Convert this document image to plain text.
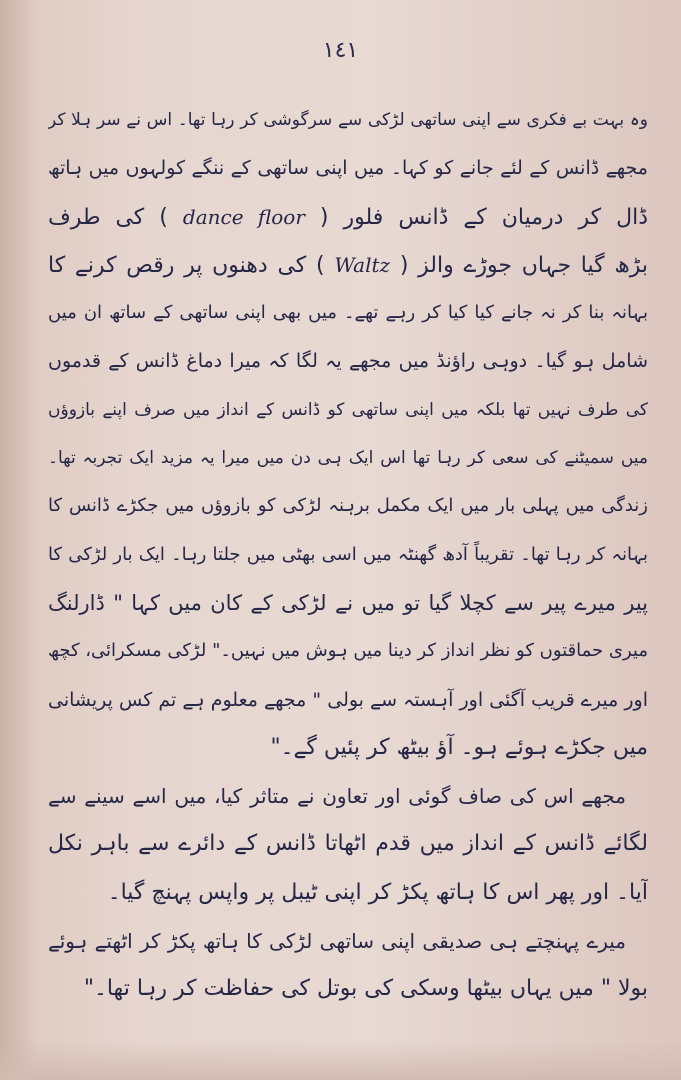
١٤١
وہ بہت بے فکری سے اپنی ساتھی لڑکی سے سرگوشی کر رہا تھا۔ اس نے سر ہلا کر
مجھے ڈانس کے لئے جانے کو کہا۔ میں اپنی ساتھی کے ننگے کولہوں میں ہاتھ
ڈال کر درمیان کے ڈانس فلور ( dance floor ) کی طرف
بڑھ گیا جہاں جوڑے والز ( Waltz ) کی دھنوں پر رقص کرنے کا
بہانہ بنا کر نہ جانے کیا کیا کر رہے تھے۔ میں بھی اپنی ساتھی کے ساتھ ان میں
شامل ہو گیا۔ دوہی راؤنڈ میں مجھے یہ لگا کہ میرا دماغ ڈانس کے قدموں
کی طرف نہیں تھا بلکہ میں اپنی ساتھی کو ڈانس کے انداز میں صرف اپنے بازوؤں
میں سمیٹنے کی سعی کر رہا تھا اس ایک ہی دن میں میرا یہ مزید ایک تجربہ تھا۔
زندگی میں پہلی بار میں ایک مکمل برہنہ لڑکی کو بازوؤں میں جکڑے ڈانس کا
بہانہ کر رہا تھا۔ تقریباً آدھ گھنٹہ میں اسی بھٹی میں جلتا رہا۔ ایک بار لڑکی کا
پیر میرے پیر سے کچلا گیا تو میں نے لڑکی کے کان میں کہا " ڈارلنگ
میری حماقتوں کو نظر انداز کر دینا میں ہوش میں نہیں۔" لڑکی مسکرائی، کچھ
اور میرے قریب آگئی اور آہستہ سے بولی " مجھے معلوم ہے تم کس پریشانی
میں جکڑے ہوئے ہو۔ آؤ بیٹھ کر پئیں گے۔"
مجھے اس کی صاف گوئی اور تعاون نے متاثر کیا، میں اسے سینے سے
لگائے ڈانس کے انداز میں قدم اٹھاتا ڈانس کے دائرے سے باہر نکل
آیا۔ اور پھر اس کا ہاتھ پکڑ کر اپنی ٹیبل پر واپس پہنچ گیا۔
میرے پہنچتے ہی صدیقی اپنی ساتھی لڑکی کا ہاتھ پکڑ کر اٹھتے ہوئے
بولا " میں یہاں بیٹھا وسکی کی بوتل کی حفاظت کر رہا تھا۔"
